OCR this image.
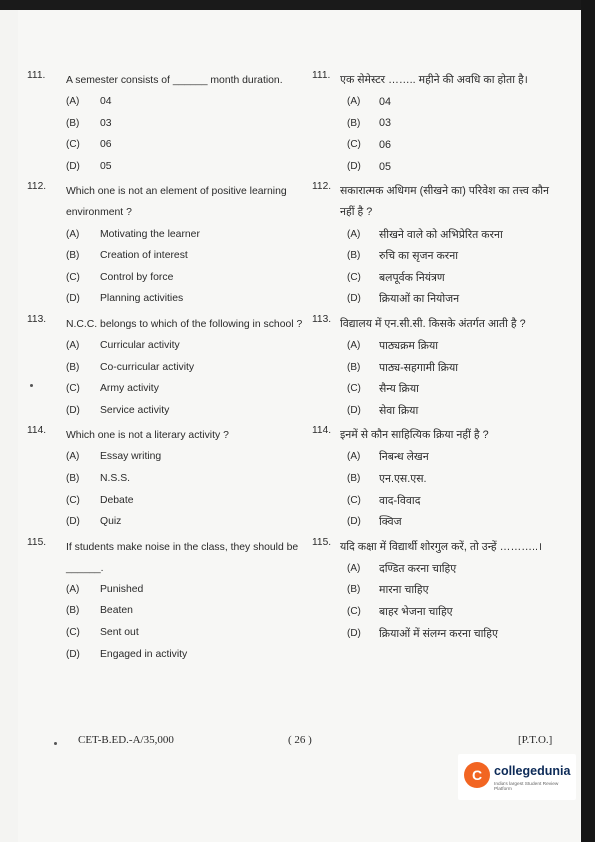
111.	A semester consists of ______ month duration.
(A)	04
(B)	03
(C)	06
(D)	05
112.	Which one is not an element of positive learning environment ?
(A)	Motivating the learner
(B)	Creation of interest
(C)	Control by force
(D)	Planning activities
113.	N.C.C. belongs to which of the following in school ?
(A)	Curricular activity
(B)	Co-curricular activity
(C)	Army activity
(D)	Service activity
114.	Which one is not a literary activity ?
(A)	Essay writing
(B)	N.S.S.
(C)	Debate
(D)	Quiz
115.	If students make noise in the class, they should be ______.
(A)	Punished
(B)	Beaten
(C)	Sent out
(D)	Engaged in activity
111. एक सेमेस्टर …….. महीने की अवधि का होता है।
(A)	04
(B)	03
(C)	06
(D)	05
112. सकारात्मक अधिगम (सीखने का) परिवेश का तत्त्व कौन नहीं है ?
(A)	सीखने वाले को अभिप्रेरित करना
(B)	रुचि का सृजन करना
(C)	बलपूर्वक नियंत्रण
(D)	क्रियाओं का नियोजन
113. विद्यालय में एन.सी.सी. किसके अंतर्गत आती है ?
(A)	पाठ्यक्रम क्रिया
(B)	पाठ्य-सहगामी क्रिया
(C)	सैन्य क्रिया
(D)	सेवा क्रिया
114. इनमें से कौन साहित्यिक क्रिया नहीं है ?
(A)	निबन्ध लेखन
(B)	एन.एस.एस.
(C)	वाद-विवाद
(D)	क्विज
115. यदि कक्षा में विद्यार्थी शोरगुल करें, तो उन्हें ………..।
(A)	दण्डित करना चाहिए
(B)	मारना चाहिए
(C)	बाहर भेजना चाहिए
(D)	क्रियाओं में संलग्न करना चाहिए
CET-B.ED.-A/35,000	( 26 )	[P.T.O.]
C collegedunia
India's largest Student Review Platform
